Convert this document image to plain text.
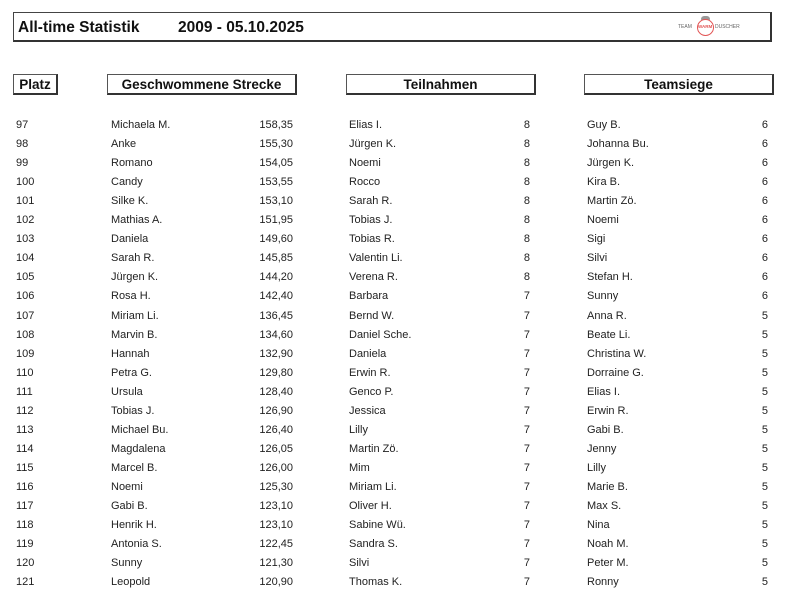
All-time Statistik 2009 - 05.10.2025	TEAM WARM DUSCHER
Platz	Geschwommene Strecke	Teilnahmen	Teamsiege
97	Michaela M.	158,35	Elias I.	8	Guy B.	6
98	Anke	155,30	Jürgen K.	8	Johanna Bu.	6
99	Romano	154,05	Noemi	8	Jürgen K.	6
100	Candy	153,55	Rocco	8	Kira B.	6
101	Silke K.	153,10	Sarah R.	8	Martin Zö.	6
102	Mathias A.	151,95	Tobias J.	8	Noemi	6
103	Daniela	149,60	Tobias R.	8	Sigi	6
104	Sarah R.	145,85	Valentin Li.	8	Silvi	6
105	Jürgen K.	144,20	Verena R.	8	Stefan H.	6
106	Rosa H.	142,40	Barbara	7	Sunny	6
107	Miriam Li.	136,45	Bernd W.	7	Anna R.	5
108	Marvin B.	134,60	Daniel Sche.	7	Beate Li.	5
109	Hannah	132,90	Daniela	7	Christina W.	5
110	Petra G.	129,80	Erwin R.	7	Dorraine G.	5
111	Ursula	128,40	Genco P.	7	Elias I.	5
112	Tobias J.	126,90	Jessica	7	Erwin R.	5
113	Michael Bu.	126,40	Lilly	7	Gabi B.	5
114	Magdalena	126,05	Martin Zö.	7	Jenny	5
115	Marcel B.	126,00	Mim	7	Lilly	5
116	Noemi	125,30	Miriam Li.	7	Marie B.	5
117	Gabi B.	123,10	Oliver H.	7	Max S.	5
118	Henrik H.	123,10	Sabine Wü.	7	Nina	5
119	Antonia S.	122,45	Sandra S.	7	Noah M.	5
120	Sunny	121,30	Silvi	7	Peter M.	5
121	Leopold	120,90	Thomas K.	7	Ronny	5
